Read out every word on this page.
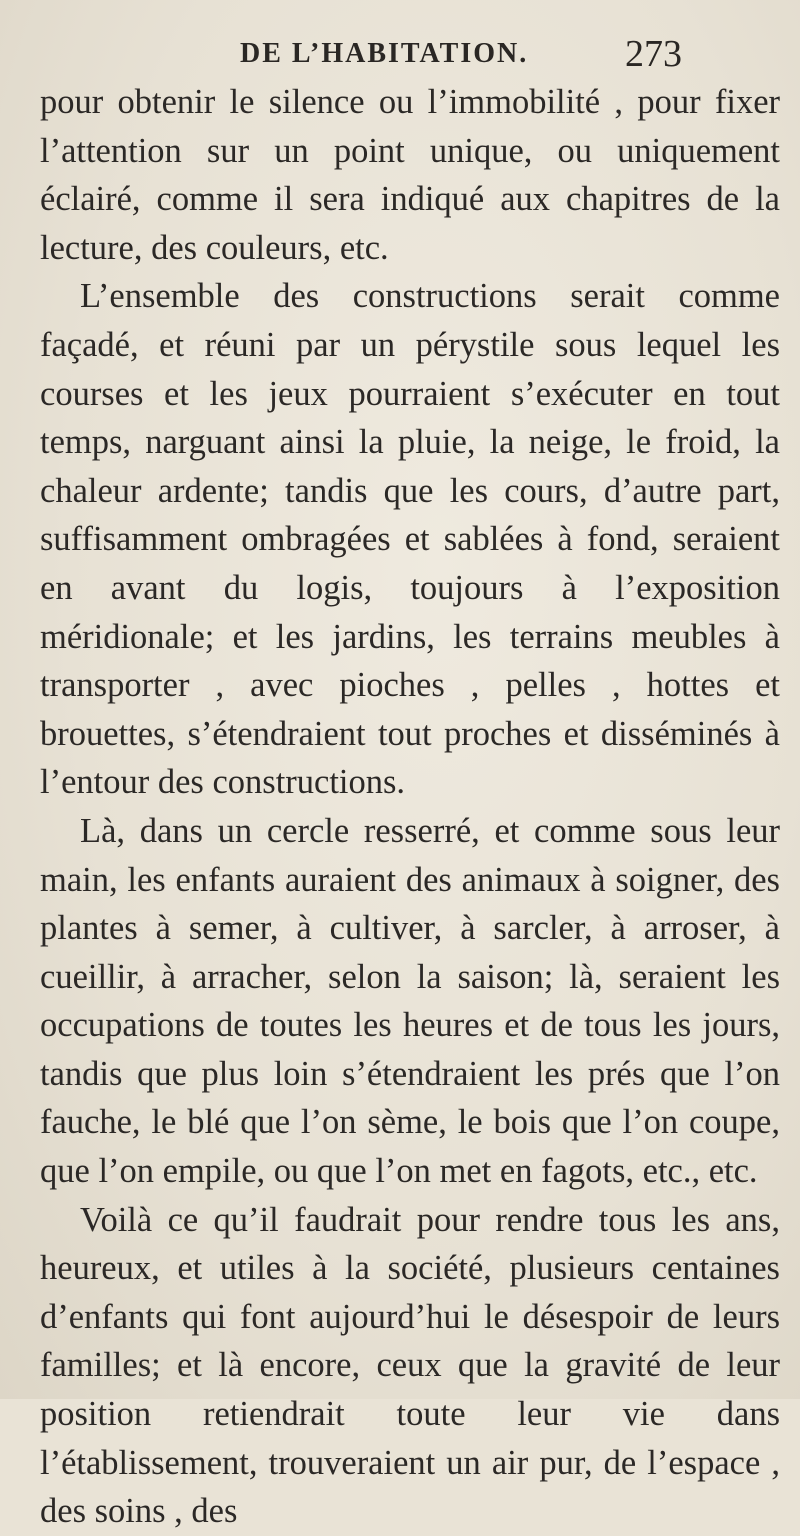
DE L’HABITATION.	273

pour obtenir le silence ou l’immobilité , pour fixer l’attention sur un point unique, ou uniquement éclairé, comme il sera indiqué aux chapitres de la lecture, des couleurs, etc.

L’ensemble des constructions serait comme façadé, et réuni par un pérystile sous lequel les courses et les jeux pourraient s’exécuter en tout temps, narguant ainsi la pluie, la neige, le froid, la chaleur ardente; tandis que les cours, d’autre part, suffisamment ombragées et sablées à fond, seraient en avant du logis, toujours à l’exposition méridionale; et les jardins, les terrains meubles à transporter , avec pioches , pelles , hottes et brouettes, s’étendraient tout proches et disséminés à l’entour des constructions.

Là, dans un cercle resserré, et comme sous leur main, les enfants auraient des animaux à soigner, des plantes à semer, à cultiver, à sarcler, à arroser, à cueillir, à arracher, selon la saison; là, seraient les occupations de toutes les heures et de tous les jours, tandis que plus loin s’étendraient les prés que l’on fauche, le blé que l’on sème, le bois que l’on coupe, que l’on empile, ou que l’on met en fagots, etc., etc.

Voilà ce qu’il faudrait pour rendre tous les ans, heureux, et utiles à la société, plusieurs centaines d’enfants qui font aujourd’hui le désespoir de leurs familles; et là encore, ceux que la gravité de leur position retiendrait toute leur vie dans l’établissement, trouveraient un air pur, de l’espace , des soins , des
